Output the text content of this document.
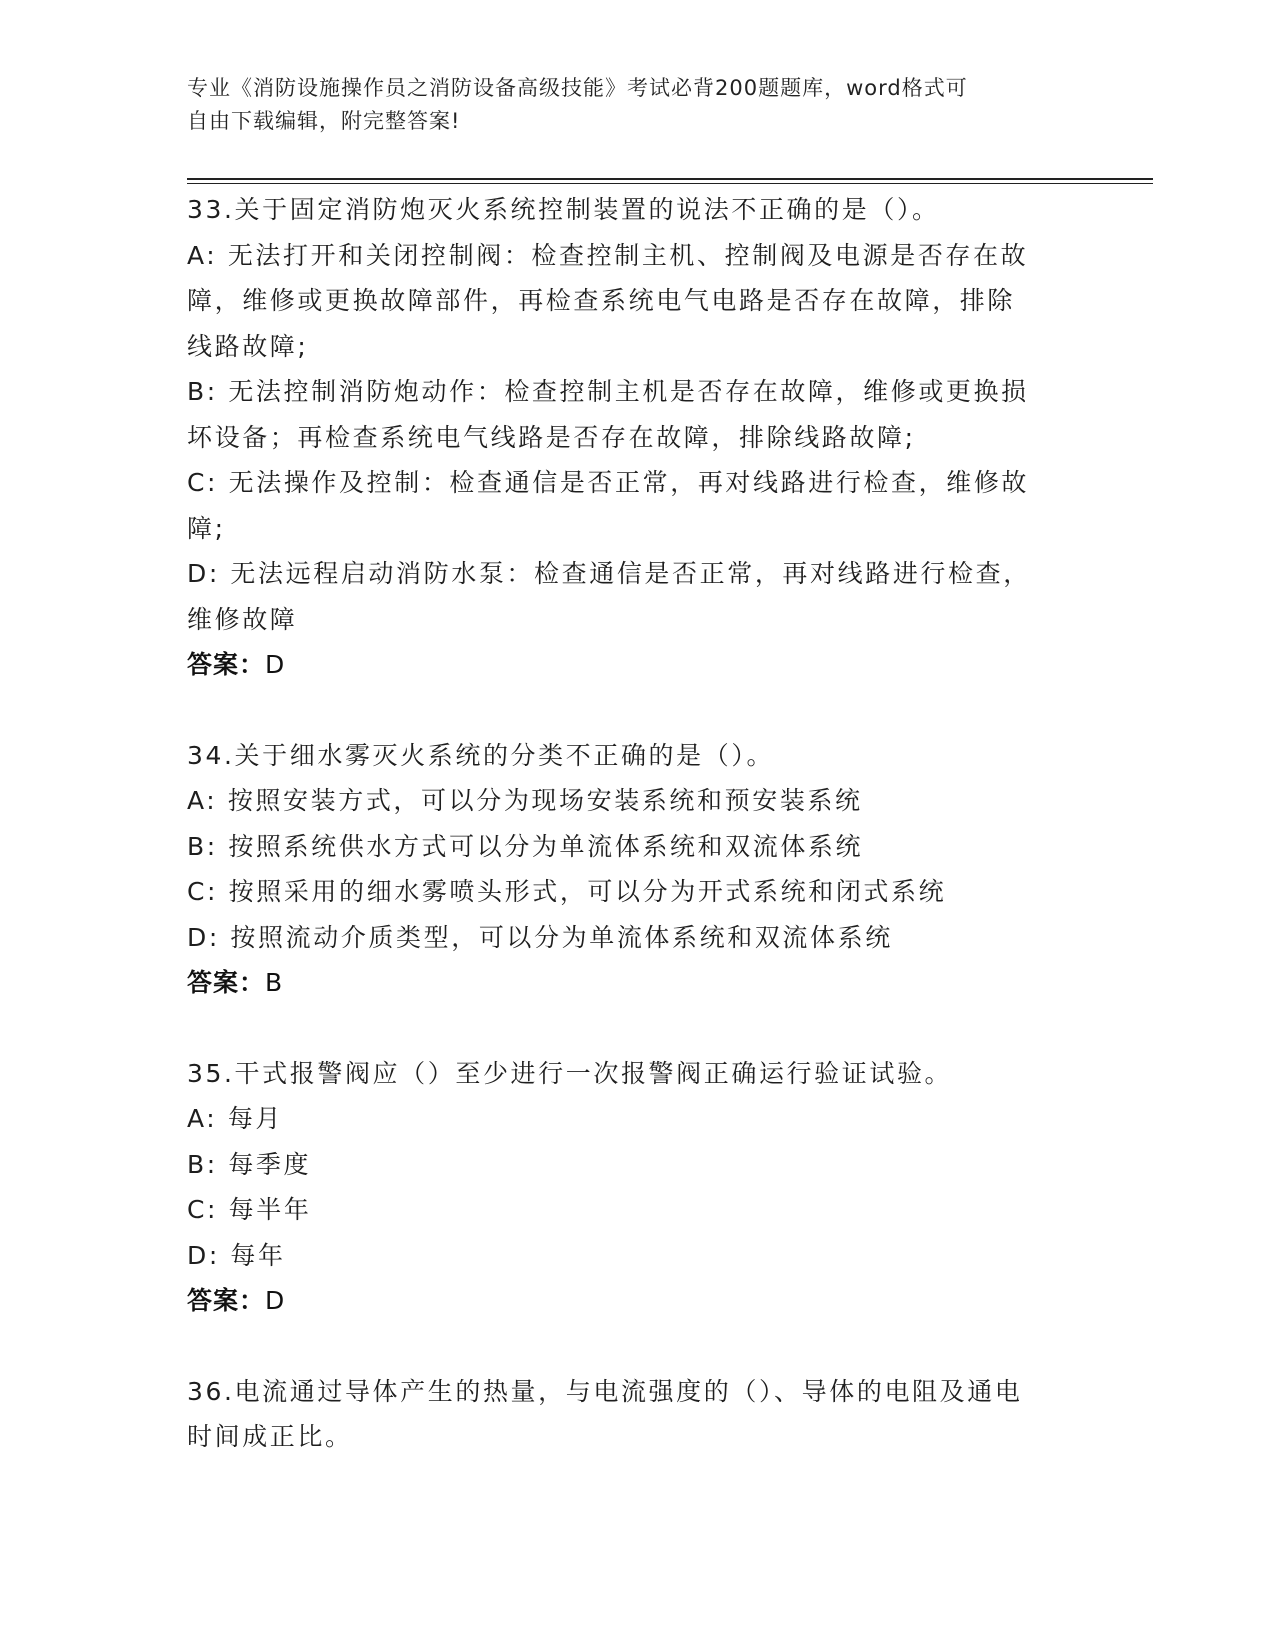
专业《消防设施操作员之消防设备高级技能》考试必背200题题库，word格式可
自由下载编辑，附完整答案!
33.关于固定消防炮灭火系统控制装置的说法不正确的是（）。
A: 无法打开和关闭控制阀：检查控制主机、控制阀及电源是否存在故
障，维修或更换故障部件，再检查系统电气电路是否存在故障，排除
线路故障;
B: 无法控制消防炮动作：检查控制主机是否存在故障，维修或更换损
坏设备；再检查系统电气线路是否存在故障，排除线路故障;
C: 无法操作及控制：检查通信是否正常，再对线路进行检查，维修故
障;
D: 无法远程启动消防水泵：检查通信是否正常，再对线路进行检查，
维修故障
答案：D
34.关于细水雾灭火系统的分类不正确的是（）。
A: 按照安装方式，可以分为现场安装系统和预安装系统
B: 按照系统供水方式可以分为单流体系统和双流体系统
C: 按照采用的细水雾喷头形式，可以分为开式系统和闭式系统
D: 按照流动介质类型，可以分为单流体系统和双流体系统
答案：B
35.干式报警阀应（）至少进行一次报警阀正确运行验证试验。
A: 每月
B: 每季度
C: 每半年
D: 每年
答案：D
36.电流通过导体产生的热量，与电流强度的（）、导体的电阻及通电
时间成正比。
